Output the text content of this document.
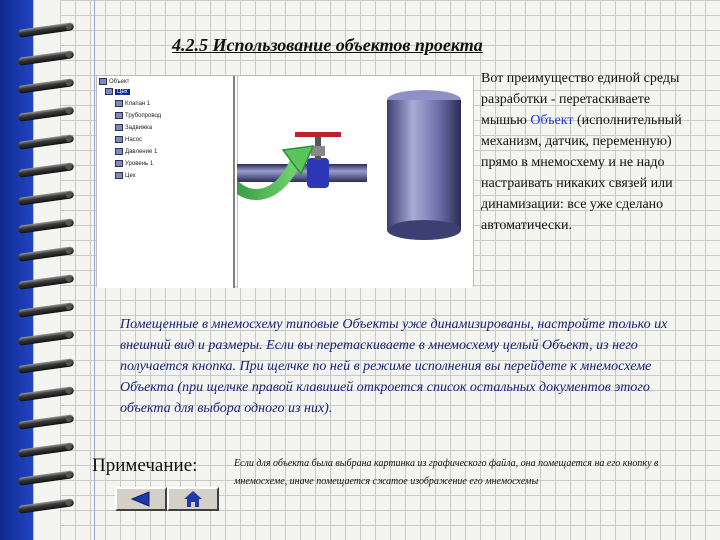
4.2.5 Использование объектов проекта
Объект
Цех
Клапан 1
Трубопровод
Задвижка
Насос
Давление 1
Уровень 1
Цех
Вот преимущество единой среды разработки - перетаскиваете мышью Объект (исполнительный механизм, датчик, переменную) прямо в мнемосхему и не надо настраивать никаких связей или динамизации: все уже сделано автоматически.
Помещенные в мнемосхему типовые Объекты уже динамизированы, настройте только их внешний вид и размеры. Если вы перетаскиваете в мнемосхему целый Объект, из него получается кнопка. При щелчке по ней в режиме исполнения вы перейдете к мнемосхеме Объекта (при щелчке правой клавишей откроется список остальных документов этого объекта для выбора одного из них).
Примечание:	Если для объекта была выбрана картинка из графического файла, она помещается на его кнопку в мнемосхеме, иначе помещается сжатое изображение его мнемосхемы
